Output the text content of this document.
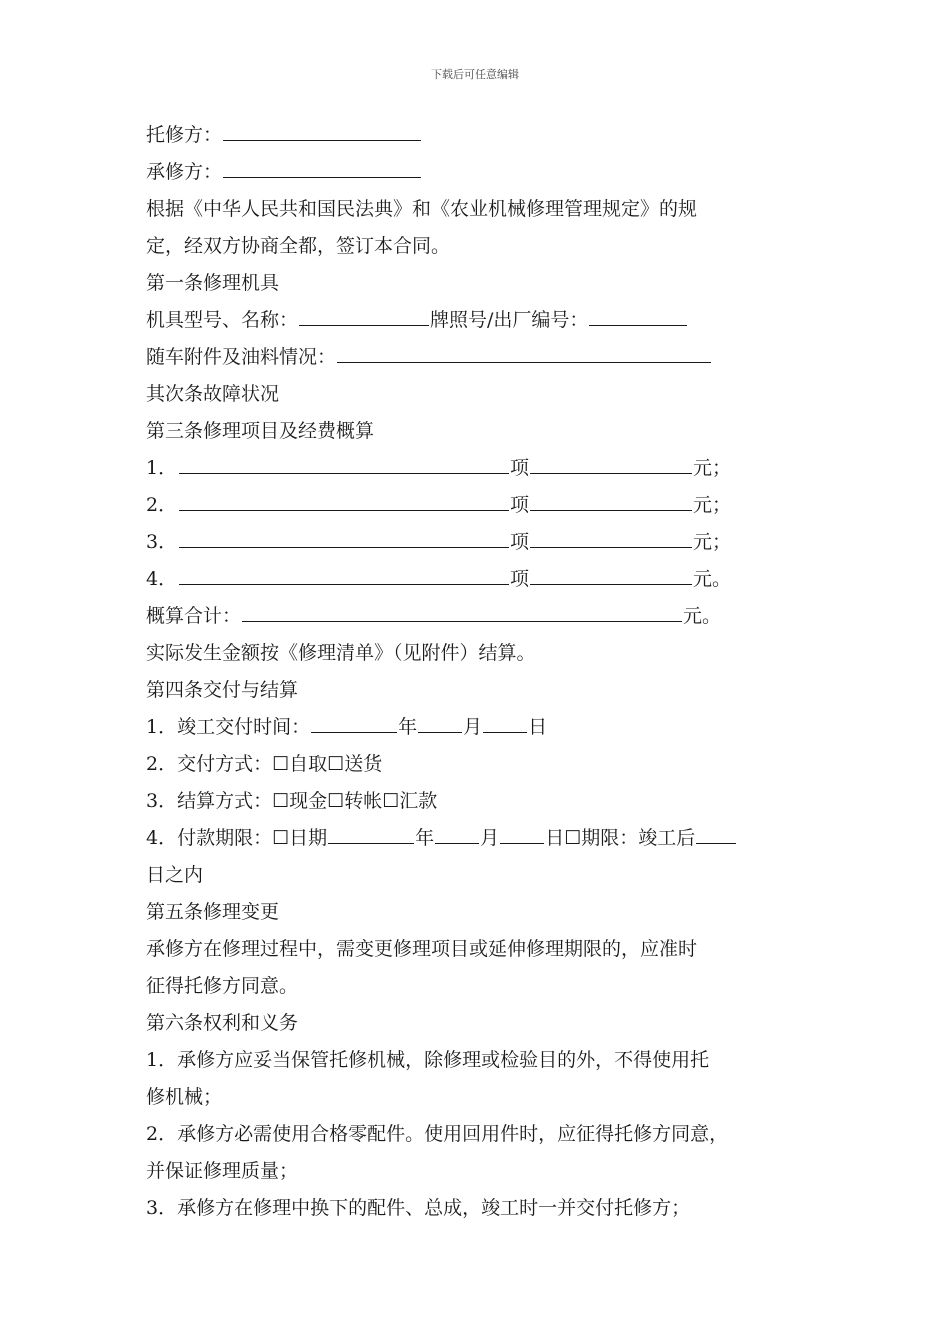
下载后可任意编辑
托修方：
承修方：
根据《中华人民共和国民法典》和《农业机械修理管理规定》的规
定，经双方协商全都，签订本合同。
第一条修理机具
机具型号、名称：	牌照号/出厂编号：
随车附件及油料情况：
其次条故障状况
第三条修理项目及经费概算
1．	项	元；
2．	项	元；
3．	项	元；
4．	项	元。
概算合计：	元。
实际发生金额按《修理清单》（见附件）结算。
第四条交付与结算
1．竣工交付时间：	年 月 日
2．交付方式：☐自取☐送货
3．结算方式：☐现金☐转帐☐汇款
4．付款期限：☐日期	年 月 日☐期限：竣工后
日之内
第五条修理变更
承修方在修理过程中，需变更修理项目或延伸修理期限的，应准时
征得托修方同意。
第六条权利和义务
1．承修方应妥当保管托修机械，除修理或检验目的外，不得使用托
修机械；
2．承修方必需使用合格零配件。使用回用件时，应征得托修方同意，
并保证修理质量；
3．承修方在修理中换下的配件、总成，竣工时一并交付托修方；
